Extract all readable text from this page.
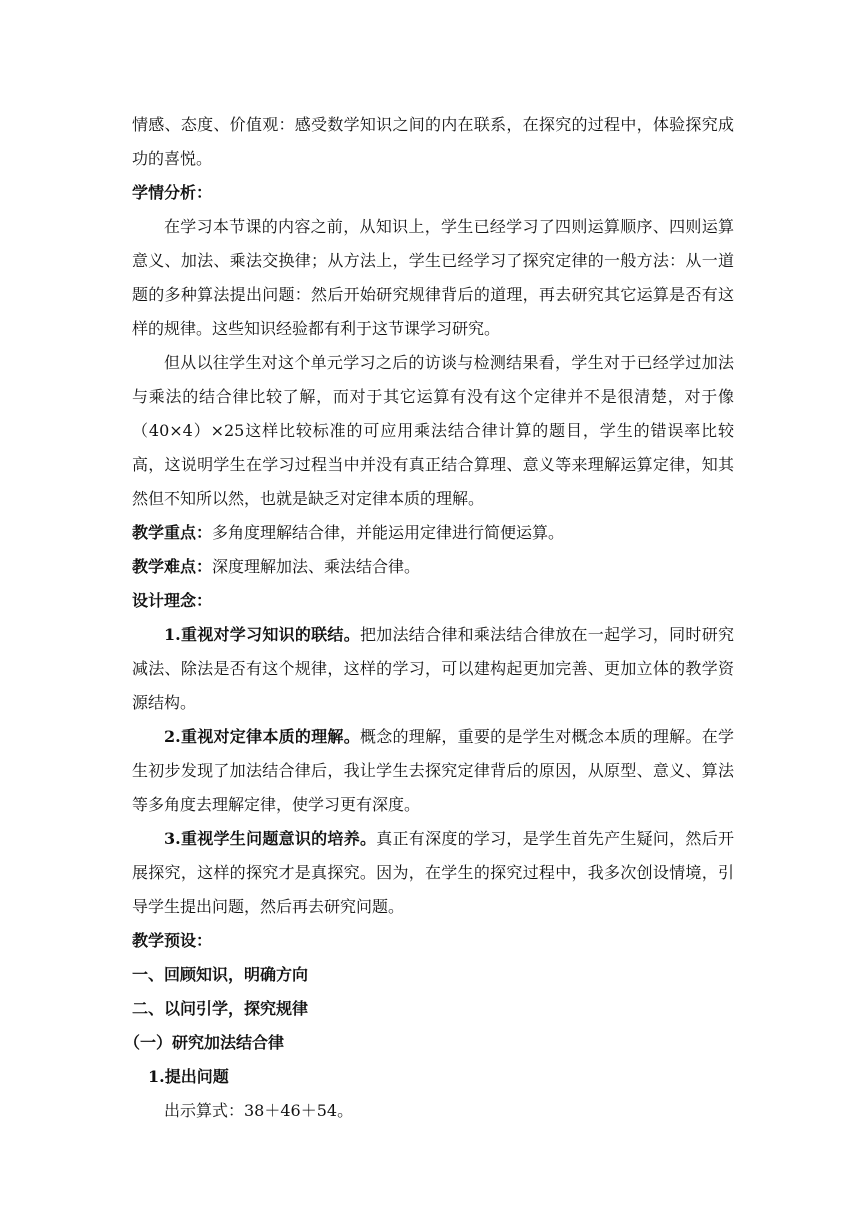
情感、态度、价值观：感受数学知识之间的内在联系，在探究的过程中，体验探究成功的喜悦。

学情分析：

在学习本节课的内容之前，从知识上，学生已经学习了四则运算顺序、四则运算意义、加法、乘法交换律；从方法上，学生已经学习了探究定律的一般方法：从一道题的多种算法提出问题：然后开始研究规律背后的道理，再去研究其它运算是否有这样的规律。这些知识经验都有利于这节课学习研究。

但从以往学生对这个单元学习之后的访谈与检测结果看，学生对于已经学过加法与乘法的结合律比较了解，而对于其它运算有没有这个定律并不是很清楚，对于像（40×4）×25这样比较标准的可应用乘法结合律计算的题目，学生的错误率比较高，这说明学生在学习过程当中并没有真正结合算理、意义等来理解运算定律，知其然但不知所以然，也就是缺乏对定律本质的理解。

教学重点：多角度理解结合律，并能运用定律进行简便运算。

教学难点：深度理解加法、乘法结合律。

设计理念：

1.重视对学习知识的联结。把加法结合律和乘法结合律放在一起学习，同时研究减法、除法是否有这个规律，这样的学习，可以建构起更加完善、更加立体的教学资源结构。

2.重视对定律本质的理解。概念的理解，重要的是学生对概念本质的理解。在学生初步发现了加法结合律后，我让学生去探究定律背后的原因，从原型、意义、算法等多角度去理解定律，使学习更有深度。

3.重视学生问题意识的培养。真正有深度的学习，是学生首先产生疑问，然后开展探究，这样的探究才是真探究。因为，在学生的探究过程中，我多次创设情境，引导学生提出问题，然后再去研究问题。

教学预设：

一、回顾知识，明确方向

二、以问引学，探究规律

（一）研究加法结合律

1.提出问题

出示算式：38＋46＋54。
